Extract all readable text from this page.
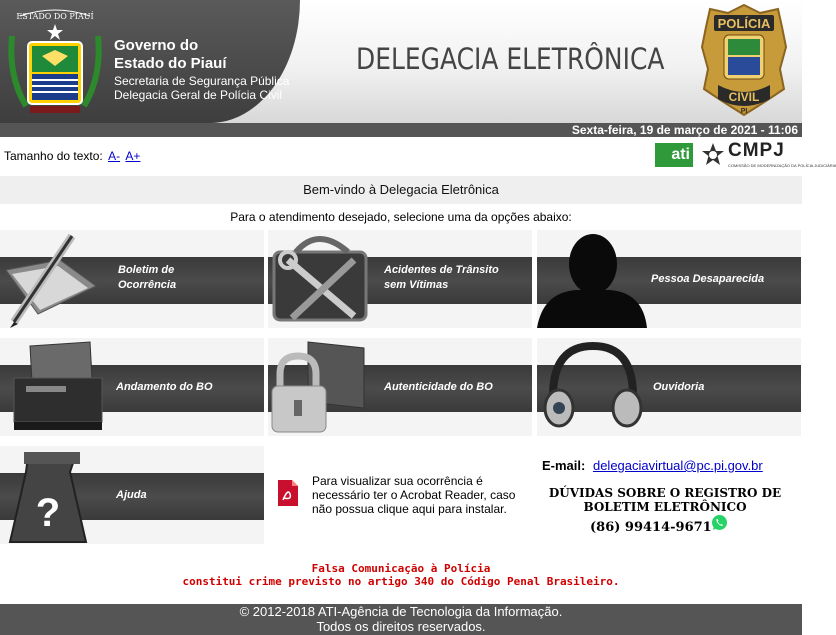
ESTADO DO PIAUÍ
Governo do
Estado do Piauí
Secretaria de Segurança Pública
Delegacia Geral de Polícia Civil
DELEGACIA ELETRÔNICA
POLÍCIA
CIVIL
PI
Sexta-feira, 19 de março de 2021 - 11:06
Tamanho do texto: A- A+	ati CMPJ
COMISSÃO DE MODERNIZAÇÃO DA POLÍCIA JUDICIÁRIA
Bem-vindo à Delegacia Eletrônica
Para o atendimento desejado, selecione uma da opções abaixo:
Boletim de
Ocorrência
Acidentes de Trânsito
sem Vítimas	Pessoa Desaparecida
Andamento do BO	Autenticidade do BO	Ouvidoria
?	Ajuda
Para visualizar sua ocorrência é necessário ter o Acrobat Reader, caso não possua clique aqui para instalar.
E-mail: delegaciavirtual@pc.pi.gov.br
DÚVIDAS SOBRE O REGISTRO DE
BOLETIM ELETRÔNICO
(86) 99414-9671
Falsa Comunicação à Polícia
constitui crime previsto no artigo 340 do Código Penal Brasileiro.
© 2012-2018 ATI-Agência de Tecnologia da Informação.
Todos os direitos reservados.
